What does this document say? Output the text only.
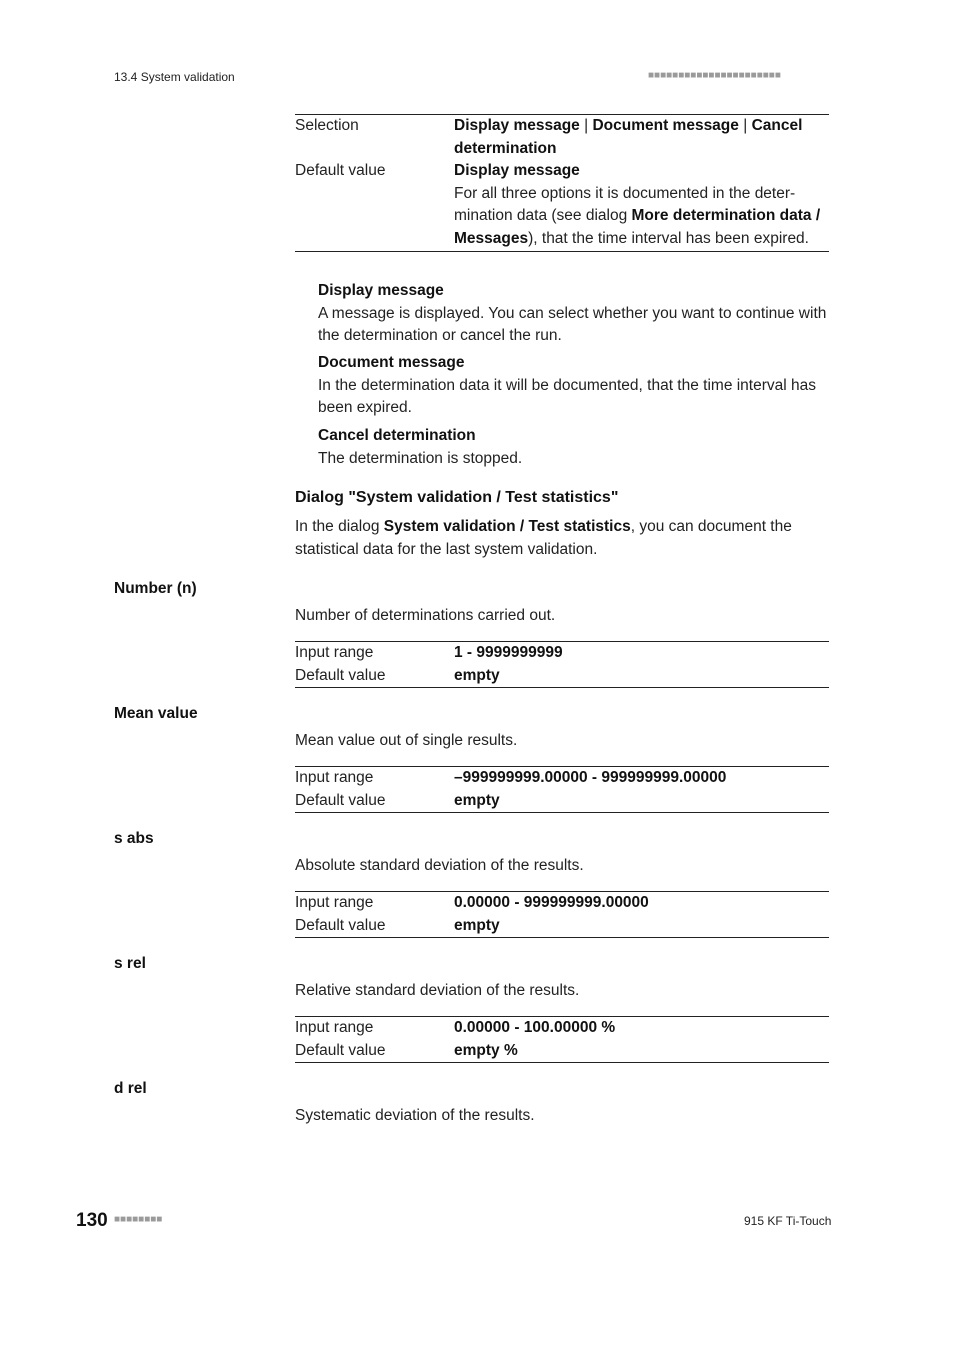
13.4 System validation	■■■■■■■■■■■■■■■■■■■■■■
Selection	Display message | Document message | Cancel determination
Default value	Display message
For all three options it is documented in the determination data (see dialog More determination data / Messages), that the time interval has been expired.
Display message
A message is displayed. You can select whether you want to continue with the determination or cancel the run.
Document message
In the determination data it will be documented, that the time interval has been expired.
Cancel determination
The determination is stopped.
Dialog "System validation / Test statistics"
In the dialog System validation / Test statistics, you can document the statistical data for the last system validation.
Number (n)
Number of determinations carried out.
Input range	1 - 9999999999
Default value	empty
Mean value
Mean value out of single results.
Input range	–999999999.00000 - 999999999.00000
Default value	empty
s abs
Absolute standard deviation of the results.
Input range	0.00000 - 999999999.00000
Default value	empty
s rel
Relative standard deviation of the results.
Input range	0.00000 - 100.00000 %
Default value	empty %
d rel
Systematic deviation of the results.
130 ■■■■■■■■	915 KF Ti-Touch
